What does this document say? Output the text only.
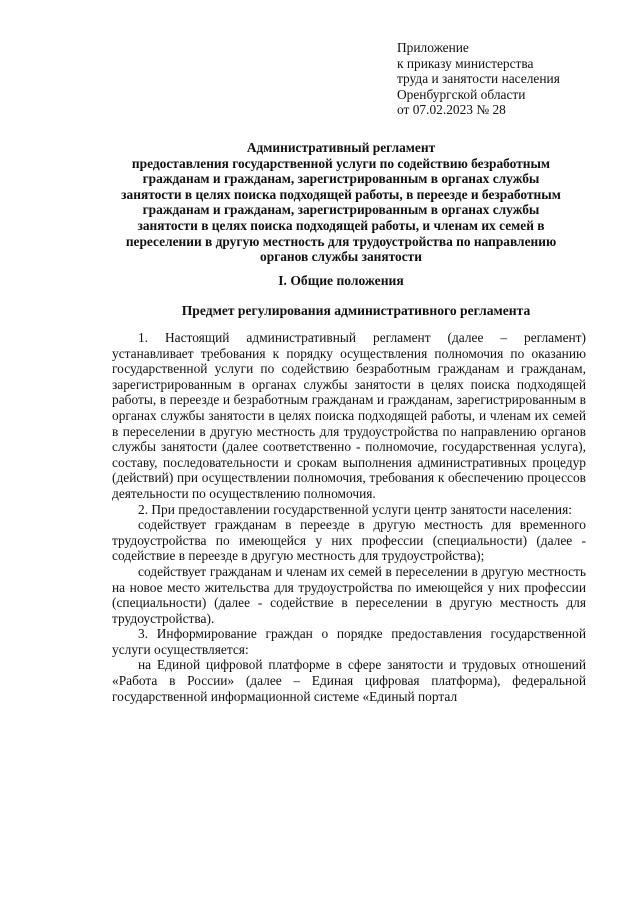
Приложение
к приказу министерства
труда и занятости населения
Оренбургской области
от 07.02.2023 № 28
Административный регламент
предоставления государственной услуги по содействию безработным
гражданам и гражданам, зарегистрированным в органах службы
занятости в целях поиска подходящей работы, в переезде и безработным
гражданам и гражданам, зарегистрированным в органах службы
занятости в целях поиска подходящей работы, и членам их семей в
переселении в другую местность для трудоустройства по направлению
органов службы занятости
I. Общие положения
Предмет регулирования административного регламента

1. Настоящий административный регламент (далее – регламент) устанавливает требования к порядку осуществления полномочия по оказанию государственной услуги по содействию безработным гражданам и гражданам, зарегистрированным в органах службы занятости в целях поиска подходящей работы, в переезде и безработным гражданам и гражданам, зарегистрированным в органах службы занятости в целях поиска подходящей работы, и членам их семей в переселении в другую местность для трудоустройства по направлению органов службы занятости (далее соответственно - полномочие, государственная услуга), составу, последовательности и срокам выполнения административных процедур (действий) при осуществлении полномочия, требования к обеспечению процессов деятельности по осуществлению полномочия.

2. При предоставлении государственной услуги центр занятости населения:

содействует гражданам в переезде в другую местность для временного трудоустройства по имеющейся у них профессии (специальности) (далее - содействие в переезде в другую местность для трудоустройства);

содействует гражданам и членам их семей в переселении в другую местность на новое место жительства для трудоустройства по имеющейся у них профессии (специальности) (далее - содействие в переселении в другую местность для трудоустройства).

3. Информирование граждан о порядке предоставления государственной услуги осуществляется:

на Единой цифровой платформе в сфере занятости и трудовых отношений «Работа в России» (далее – Единая цифровая платформа), федеральной государственной информационной системе «Единый портал
